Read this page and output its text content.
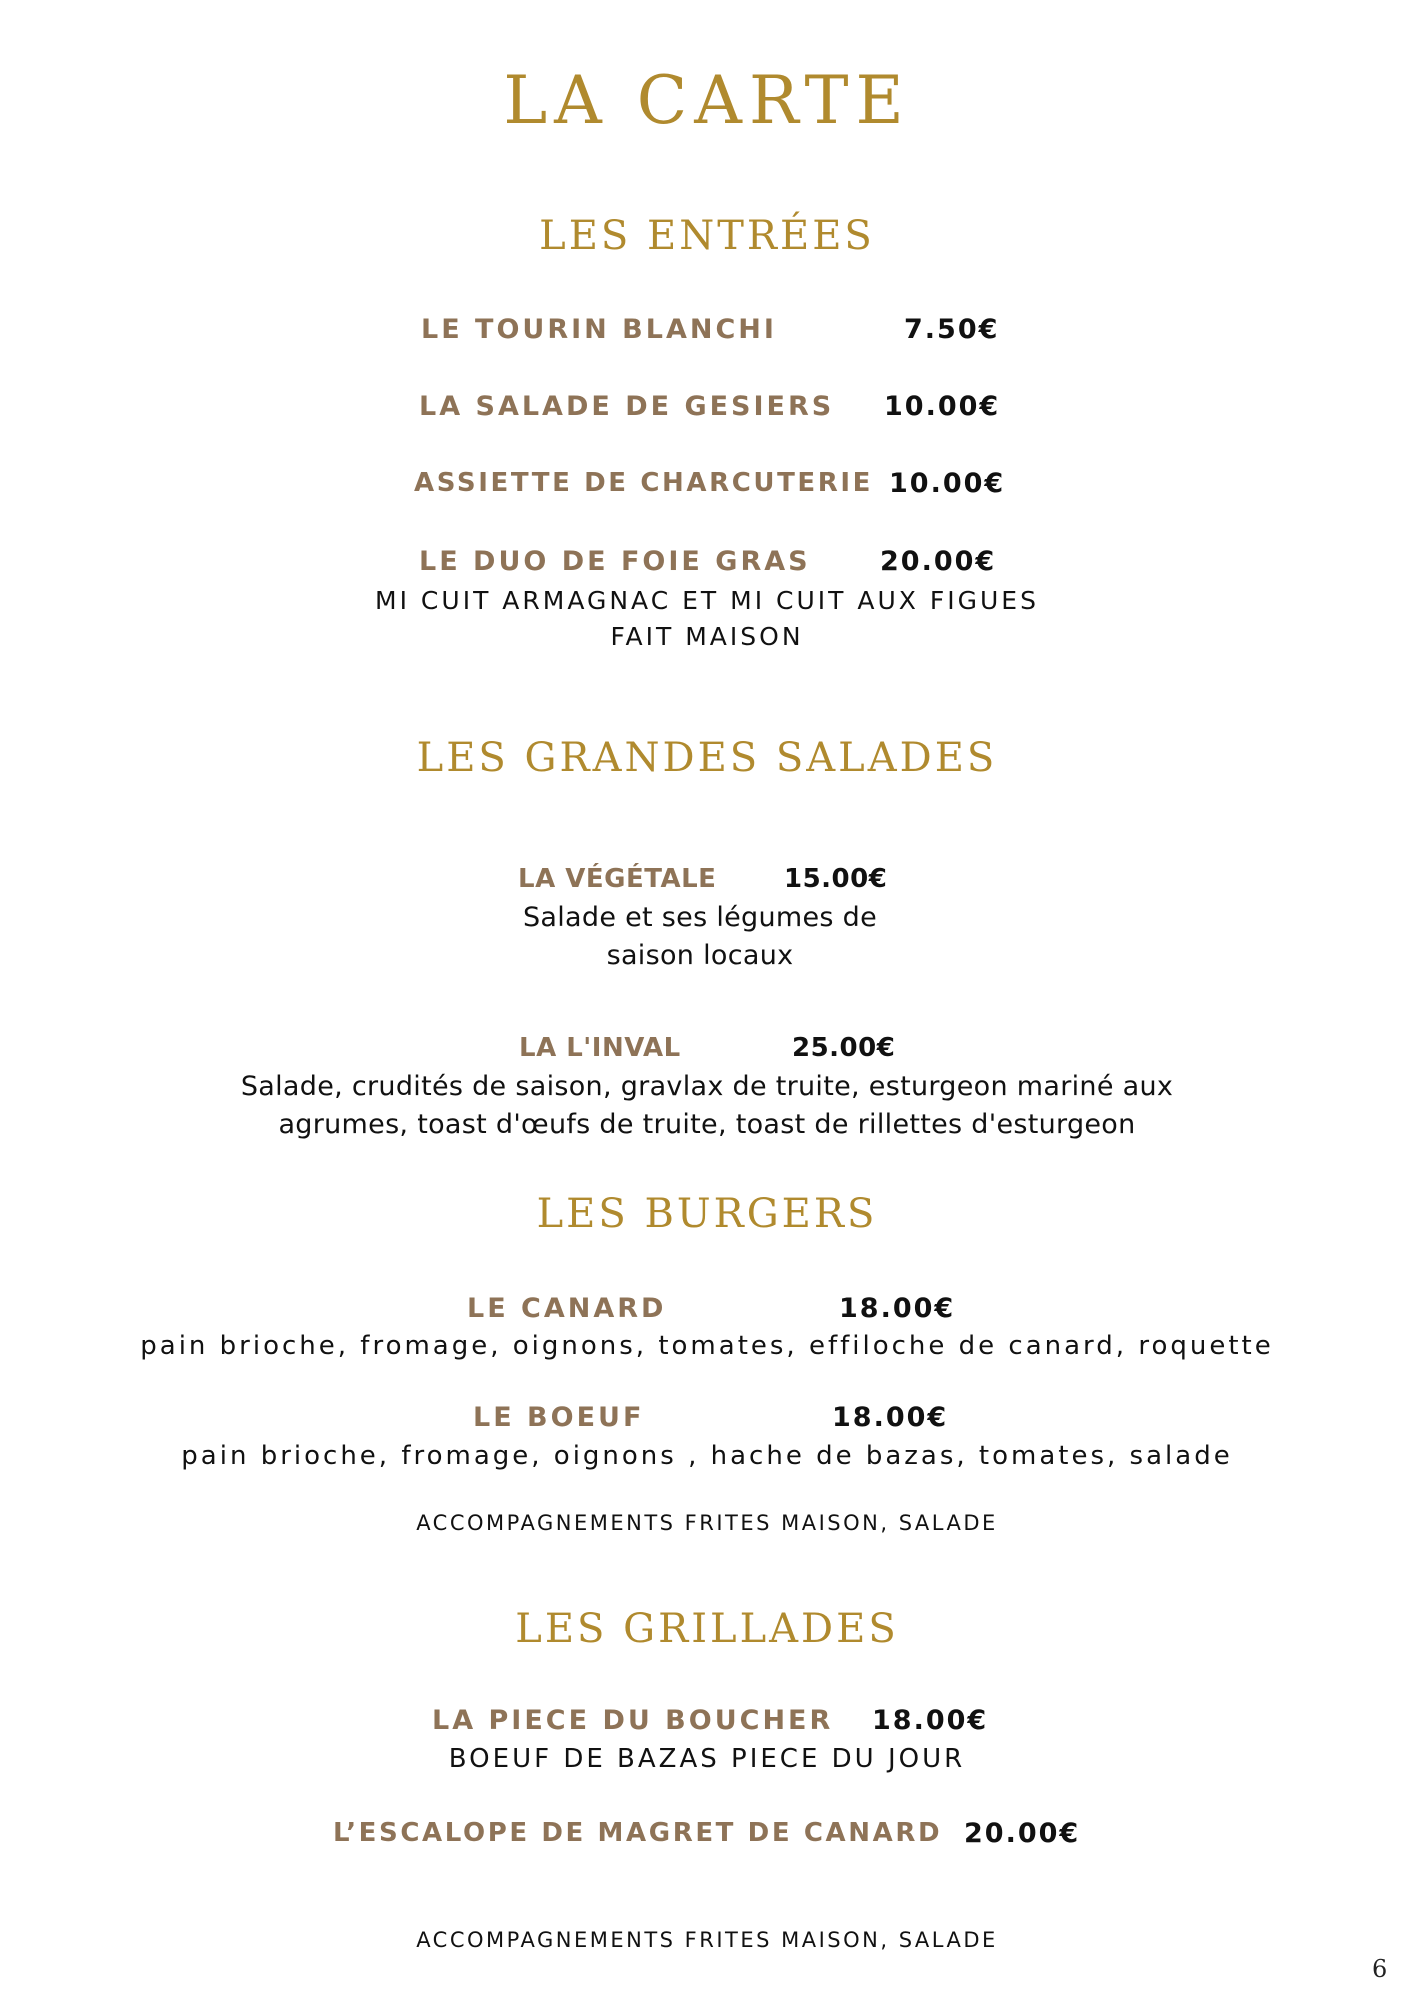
LA CARTE
LES ENTRÉES
LE TOURIN BLANCHI	7.50€
LA SALADE DE GESIERS 10.00€
ASSIETTE DE CHARCUTERIE 10.00€
LE DUO DE FOIE GRAS	20.00€
MI CUIT ARMAGNAC ET MI CUIT AUX FIGUES
FAIT MAISON
LES GRANDES SALADES
LA VÉGÉTALE	15.00€
Salade et ses légumes de
saison locaux
LA L'INVAL	25.00€
Salade, crudités de saison, gravlax de truite, esturgeon mariné aux
agrumes, toast d'œufs de truite, toast de rillettes d'esturgeon
LES BURGERS
LE CANARD	18.00€
pain brioche, fromage, oignons, tomates, effiloche de canard, roquette
LE BOEUF	18.00€
pain brioche, fromage, oignons , hache de bazas, tomates, salade
ACCOMPAGNEMENTS FRITES MAISON, SALADE
LES GRILLADES
LA PIECE DU BOUCHER 18.00€
BOEUF DE BAZAS PIECE DU JOUR
L’ESCALOPE DE MAGRET DE CANARD 20.00€
ACCOMPAGNEMENTS FRITES MAISON, SALADE
6
